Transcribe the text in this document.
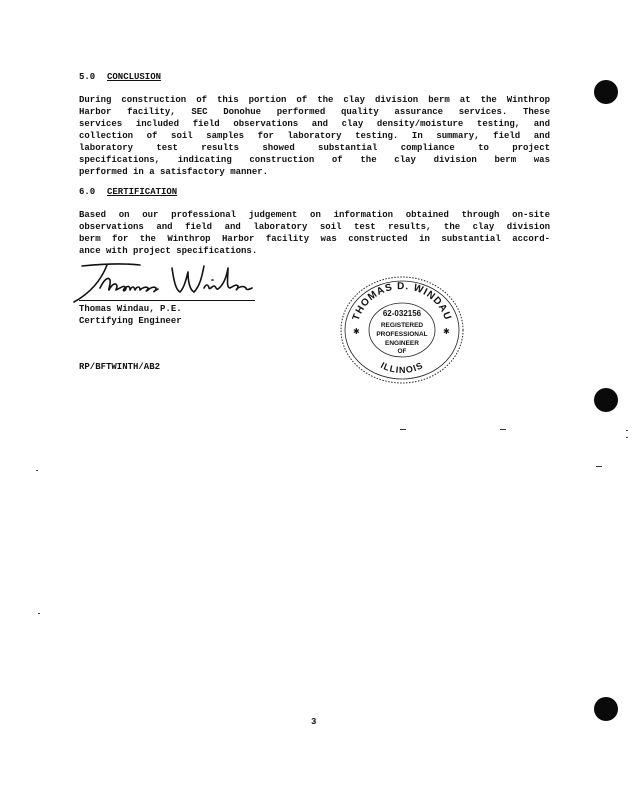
5.0 CONCLUSION
During construction of this portion of the clay division berm at the Winthrop
Harbor facility, SEC Donohue performed quality assurance services. These
services included field observations and clay density/moisture testing, and
collection of soil samples for laboratory testing. In summary, field and
laboratory test results showed substantial compliance to project
specifications, indicating construction of the clay division berm was
performed in a satisfactory manner.
6.0 CERTIFICATION
Based on our professional judgement on information obtained through on-site
observations and field and laboratory soil test results, the clay division
berm for the Winthrop Harbor facility was constructed in substantial accord-
ance with project specifications.
Thomas Windau, P.E.
Certifying Engineer
RP/BFTWINTH/AB2
THOMAS D. WINDAU
ILLINOIS
✱	✱
62-032156
REGISTERED
PROFESSIONAL
ENGINEER
OF
3
